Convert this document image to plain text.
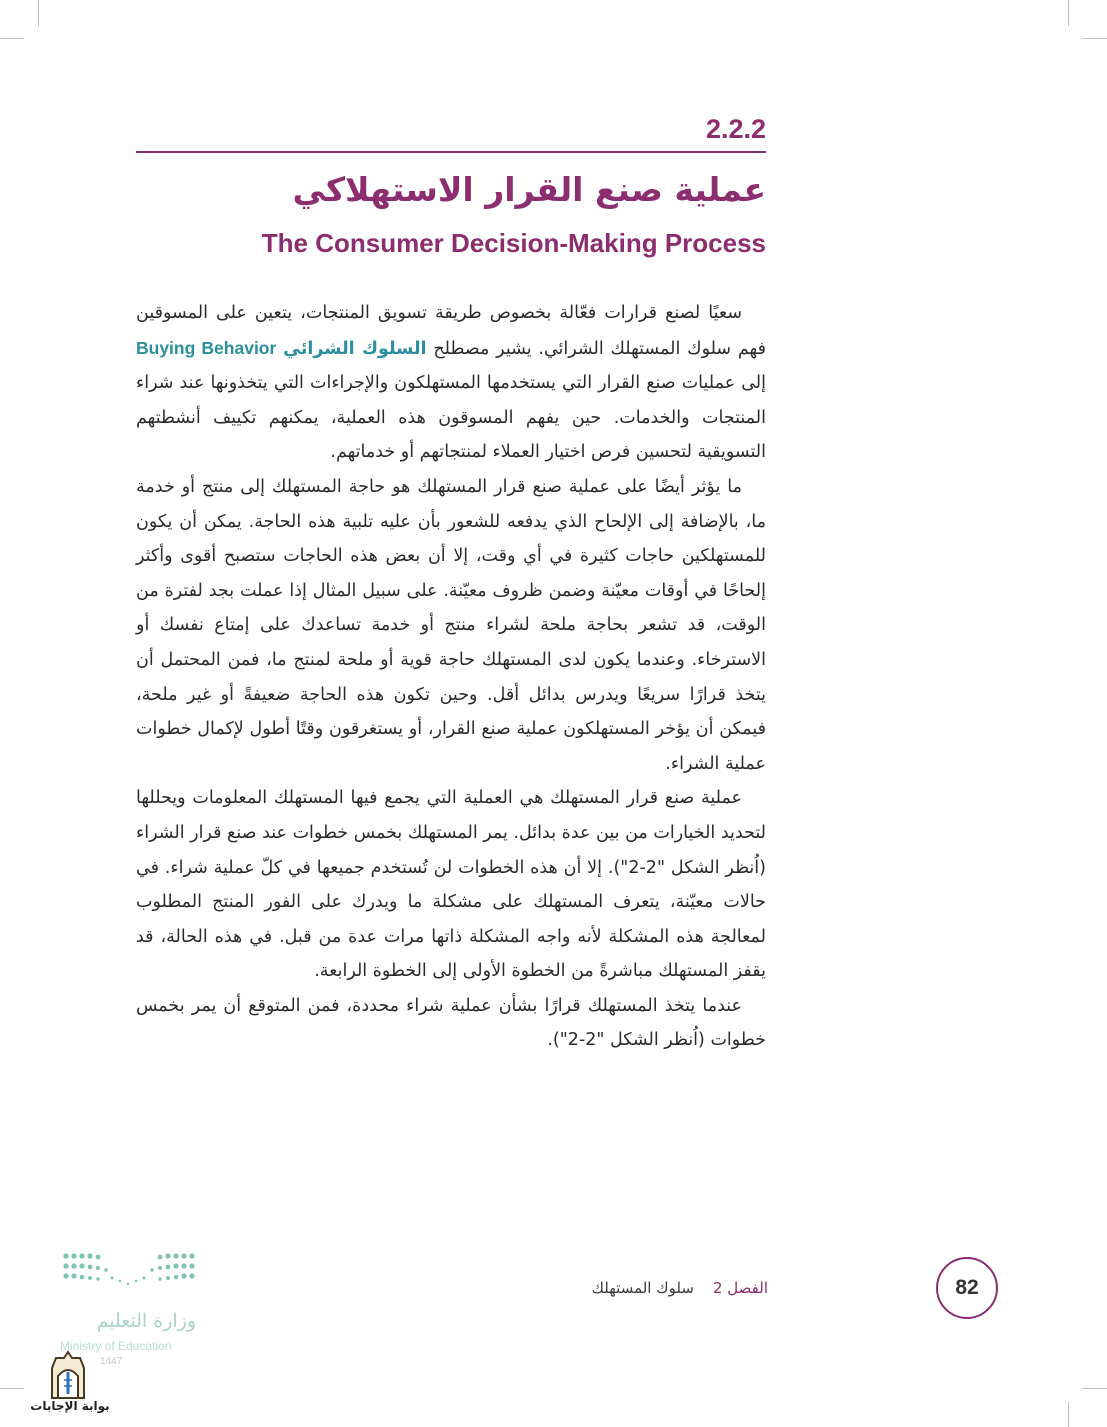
2.2.2
عملية صنع القرار الاستهلاكي
The Consumer Decision-Making Process

سعيًا لصنع قرارات فعّالة بخصوص طريقة تسويق المنتجات، يتعين على المسوقين فهم سلوك المستهلك الشرائي. يشير مصطلح السلوك الشرائي Buying Behavior إلى عمليات صنع القرار التي يستخدمها المستهلكون والإجراءات التي يتخذونها عند شراء المنتجات والخدمات. حين يفهم المسوقون هذه العملية، يمكنهم تكييف أنشطتهم التسويقية لتحسين فرص اختيار العملاء لمنتجاتهم أو خدماتهم.

ما يؤثر أيضًا على عملية صنع قرار المستهلك هو حاجة المستهلك إلى منتج أو خدمة ما، بالإضافة إلى الإلحاح الذي يدفعه للشعور بأن عليه تلبية هذه الحاجة. يمكن أن يكون للمستهلكين حاجات كثيرة في أي وقت، إلا أن بعض هذه الحاجات ستصبح أقوى وأكثر إلحاحًا في أوقات معيّنة وضمن ظروف معيّنة. على سبيل المثال إذا عملت بجد لفترة من الوقت، قد تشعر بحاجة ملحة لشراء منتج أو خدمة تساعدك على إمتاع نفسك أو الاسترخاء. وعندما يكون لدى المستهلك حاجة قوية أو ملحة لمنتج ما، فمن المحتمل أن يتخذ قرارًا سريعًا ويدرس بدائل أقل. وحين تكون هذه الحاجة ضعيفةً أو غير ملحة، فيمكن أن يؤخر المستهلكون عملية صنع القرار، أو يستغرقون وقتًا أطول لإكمال خطوات عملية الشراء.

عملية صنع قرار المستهلك هي العملية التي يجمع فيها المستهلك المعلومات ويحللها لتحديد الخيارات من بين عدة بدائل. يمر المستهلك بخمس خطوات عند صنع قرار الشراء (اُنظر الشكل "2-2"). إلا أن هذه الخطوات لن تُستخدم جميعها في كلّ عملية شراء. في حالات معيّنة، يتعرف المستهلك على مشكلة ما ويدرك على الفور المنتج المطلوب لمعالجة هذه المشكلة لأنه واجه المشكلة ذاتها مرات عدة من قبل. في هذه الحالة، قد يقفز المستهلك مباشرةً من الخطوة الأولى إلى الخطوة الرابعة.

عندما يتخذ المستهلك قرارًا بشأن عملية شراء محددة، فمن المتوقع أن يمر بخمس خطوات (اُنظر الشكل "2-2").

الفصل 2    سلوك المستهلك	82
وزارة التعليم
Ministry of Education
1447
بوابة الإجابات
